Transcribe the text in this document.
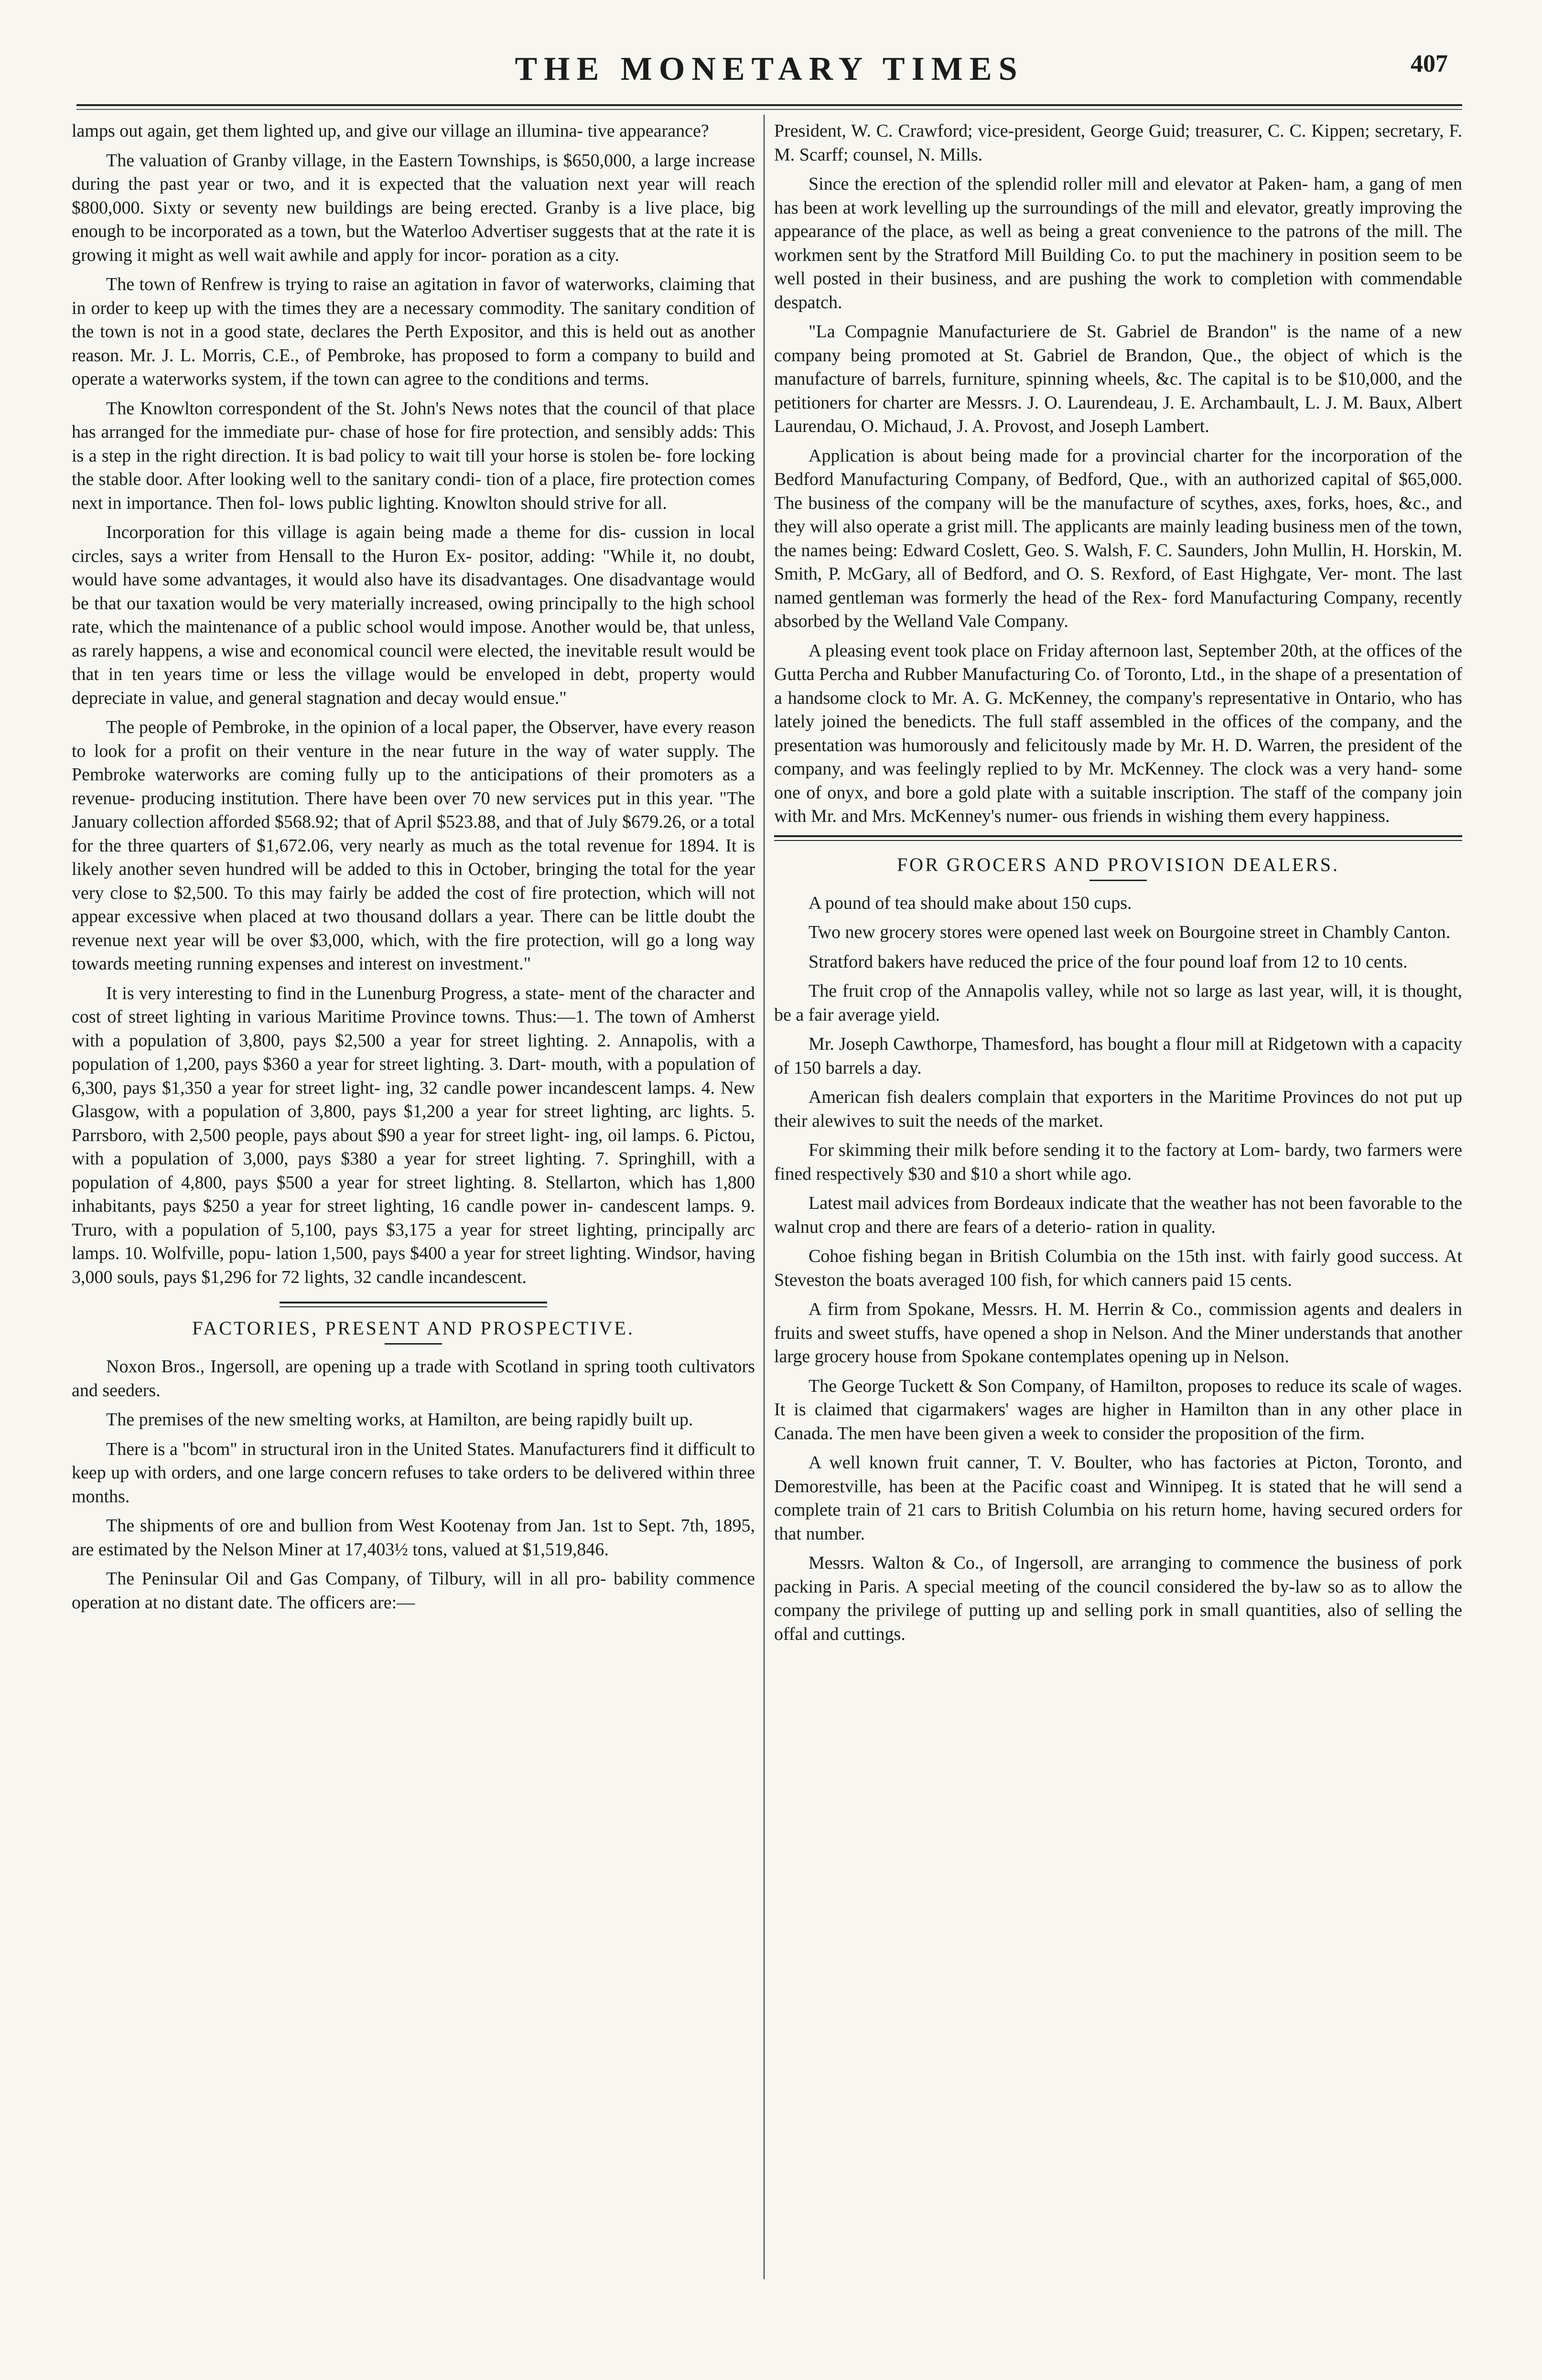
THE MONETARY TIMES	407

lamps out again, get them lighted up, and give our village an illumina- tive appearance?

The valuation of Granby village, in the Eastern Townships, is $650,000, a large increase during the past year or two, and it is expected that the valuation next year will reach $800,000. Sixty or seventy new buildings are being erected. Granby is a live place, big enough to be incorporated as a town, but the Waterloo Advertiser suggests that at the rate it is growing it might as well wait awhile and apply for incor- poration as a city.

The town of Renfrew is trying to raise an agitation in favor of waterworks, claiming that in order to keep up with the times they are a necessary commodity. The sanitary condition of the town is not in a good state, declares the Perth Expositor, and this is held out as another reason. Mr. J. L. Morris, C.E., of Pembroke, has proposed to form a company to build and operate a waterworks system, if the town can agree to the conditions and terms.

The Knowlton correspondent of the St. John's News notes that the council of that place has arranged for the immediate pur- chase of hose for fire protection, and sensibly adds: This is a step in the right direction. It is bad policy to wait till your horse is stolen be- fore locking the stable door. After looking well to the sanitary condi- tion of a place, fire protection comes next in importance. Then fol- lows public lighting. Knowlton should strive for all.

Incorporation for this village is again being made a theme for dis- cussion in local circles, says a writer from Hensall to the Huron Ex- positor, adding: "While it, no doubt, would have some advantages, it would also have its disadvantages. One disadvantage would be that our taxation would be very materially increased, owing principally to the high school rate, which the maintenance of a public school would impose. Another would be, that unless, as rarely happens, a wise and economical council were elected, the inevitable result would be that in ten years time or less the village would be enveloped in debt, property would depreciate in value, and general stagnation and decay would ensue."

The people of Pembroke, in the opinion of a local paper, the Observer, have every reason to look for a profit on their venture in the near future in the way of water supply. The Pembroke waterworks are coming fully up to the anticipations of their promoters as a revenue- producing institution. There have been over 70 new services put in this year. "The January collection afforded $568.92; that of April $523.88, and that of July $679.26, or a total for the three quarters of $1,672.06, very nearly as much as the total revenue for 1894. It is likely another seven hundred will be added to this in October, bringing the total for the year very close to $2,500. To this may fairly be added the cost of fire protection, which will not appear excessive when placed at two thousand dollars a year. There can be little doubt the revenue next year will be over $3,000, which, with the fire protection, will go a long way towards meeting running expenses and interest on investment."

It is very interesting to find in the Lunenburg Progress, a state- ment of the character and cost of street lighting in various Maritime Province towns. Thus:—1. The town of Amherst with a population of 3,800, pays $2,500 a year for street lighting. 2. Annapolis, with a population of 1,200, pays $360 a year for street lighting. 3. Dart- mouth, with a population of 6,300, pays $1,350 a year for street light- ing, 32 candle power incandescent lamps. 4. New Glasgow, with a population of 3,800, pays $1,200 a year for street lighting, arc lights. 5. Parrsboro, with 2,500 people, pays about $90 a year for street light- ing, oil lamps. 6. Pictou, with a population of 3,000, pays $380 a year for street lighting. 7. Springhill, with a population of 4,800, pays $500 a year for street lighting. 8. Stellarton, which has 1,800 inhabitants, pays $250 a year for street lighting, 16 candle power in- candescent lamps. 9. Truro, with a population of 5,100, pays $3,175 a year for street lighting, principally arc lamps. 10. Wolfville, popu- lation 1,500, pays $400 a year for street lighting. Windsor, having 3,000 souls, pays $1,296 for 72 lights, 32 candle incandescent.

FACTORIES, PRESENT AND PROSPECTIVE.

Noxon Bros., Ingersoll, are opening up a trade with Scotland in spring tooth cultivators and seeders.

The premises of the new smelting works, at Hamilton, are being rapidly built up.

There is a "bcom" in structural iron in the United States. Manufacturers find it difficult to keep up with orders, and one large concern refuses to take orders to be delivered within three months.

The shipments of ore and bullion from West Kootenay from Jan. 1st to Sept. 7th, 1895, are estimated by the Nelson Miner at 17,403½ tons, valued at $1,519,846.

The Peninsular Oil and Gas Company, of Tilbury, will in all pro- bability commence operation at no distant date. The officers are:—

President, W. C. Crawford; vice-president, George Guid; treasurer, C. C. Kippen; secretary, F. M. Scarff; counsel, N. Mills.

Since the erection of the splendid roller mill and elevator at Paken- ham, a gang of men has been at work levelling up the surroundings of the mill and elevator, greatly improving the appearance of the place, as well as being a great convenience to the patrons of the mill. The workmen sent by the Stratford Mill Building Co. to put the machinery in position seem to be well posted in their business, and are pushing the work to completion with commendable despatch.

"La Compagnie Manufacturiere de St. Gabriel de Brandon" is the name of a new company being promoted at St. Gabriel de Brandon, Que., the object of which is the manufacture of barrels, furniture, spinning wheels, &c. The capital is to be $10,000, and the petitioners for charter are Messrs. J. O. Laurendeau, J. E. Archambault, L. J. M. Baux, Albert Laurendau, O. Michaud, J. A. Provost, and Joseph Lambert.

Application is about being made for a provincial charter for the incorporation of the Bedford Manufacturing Company, of Bedford, Que., with an authorized capital of $65,000. The business of the company will be the manufacture of scythes, axes, forks, hoes, &c., and they will also operate a grist mill. The applicants are mainly leading business men of the town, the names being: Edward Coslett, Geo. S. Walsh, F. C. Saunders, John Mullin, H. Horskin, M. Smith, P. McGary, all of Bedford, and O. S. Rexford, of East Highgate, Ver- mont. The last named gentleman was formerly the head of the Rex- ford Manufacturing Company, recently absorbed by the Welland Vale Company.

A pleasing event took place on Friday afternoon last, September 20th, at the offices of the Gutta Percha and Rubber Manufacturing Co. of Toronto, Ltd., in the shape of a presentation of a handsome clock to Mr. A. G. McKenney, the company's representative in Ontario, who has lately joined the benedicts. The full staff assembled in the offices of the company, and the presentation was humorously and felicitously made by Mr. H. D. Warren, the president of the company, and was feelingly replied to by Mr. McKenney. The clock was a very hand- some one of onyx, and bore a gold plate with a suitable inscription. The staff of the company join with Mr. and Mrs. McKenney's numer- ous friends in wishing them every happiness.

FOR GROCERS AND PROVISION DEALERS.

A pound of tea should make about 150 cups.

Two new grocery stores were opened last week on Bourgoine street in Chambly Canton.

Stratford bakers have reduced the price of the four pound loaf from 12 to 10 cents.

The fruit crop of the Annapolis valley, while not so large as last year, will, it is thought, be a fair average yield.

Mr. Joseph Cawthorpe, Thamesford, has bought a flour mill at Ridgetown with a capacity of 150 barrels a day.

American fish dealers complain that exporters in the Maritime Provinces do not put up their alewives to suit the needs of the market.

For skimming their milk before sending it to the factory at Lom- bardy, two farmers were fined respectively $30 and $10 a short while ago.

Latest mail advices from Bordeaux indicate that the weather has not been favorable to the walnut crop and there are fears of a deterio- ration in quality.

Cohoe fishing began in British Columbia on the 15th inst. with fairly good success. At Steveston the boats averaged 100 fish, for which canners paid 15 cents.

A firm from Spokane, Messrs. H. M. Herrin & Co., commission agents and dealers in fruits and sweet stuffs, have opened a shop in Nelson. And the Miner understands that another large grocery house from Spokane contemplates opening up in Nelson.

The George Tuckett & Son Company, of Hamilton, proposes to reduce its scale of wages. It is claimed that cigarmakers' wages are higher in Hamilton than in any other place in Canada. The men have been given a week to consider the proposition of the firm.

A well known fruit canner, T. V. Boulter, who has factories at Picton, Toronto, and Demorestville, has been at the Pacific coast and Winnipeg. It is stated that he will send a complete train of 21 cars to British Columbia on his return home, having secured orders for that number.

Messrs. Walton & Co., of Ingersoll, are arranging to commence the business of pork packing in Paris. A special meeting of the council considered the by-law so as to allow the company the privilege of putting up and selling pork in small quantities, also of selling the offal and cuttings.
